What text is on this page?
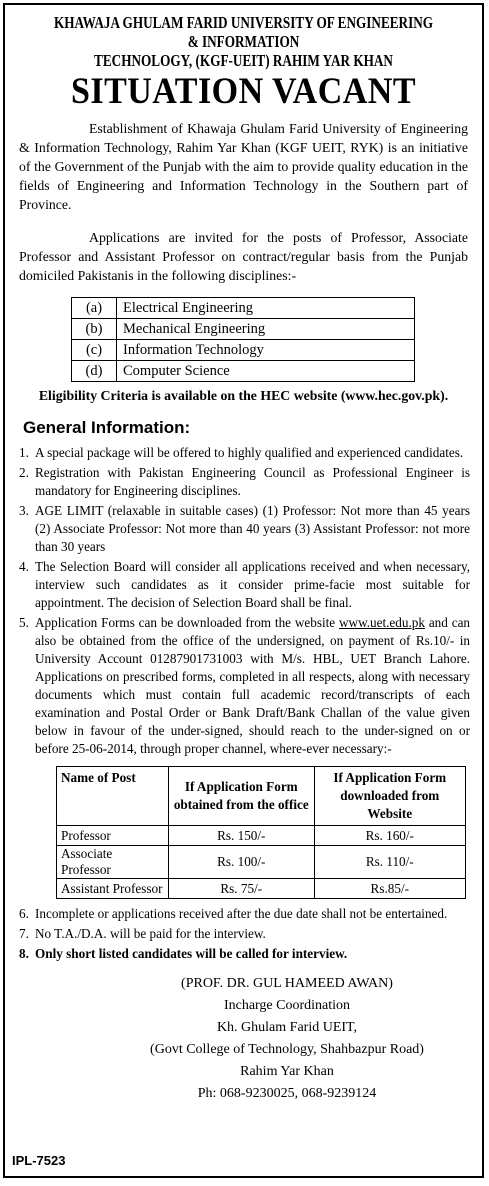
KHAWAJA GHULAM FARID UNIVERSITY OF ENGINEERING & INFORMATION
TECHNOLOGY, (KGF-UEIT) RAHIM YAR KHAN
SITUATION VACANT

Establishment of Khawaja Ghulam Farid University of Engineering & Information Technology, Rahim Yar Khan (KGF UEIT, RYK) is an initiative of the Government of the Punjab with the aim to provide quality education in the fields of Engineering and Information Technology in the Southern part of Province.

Applications are invited for the posts of Professor, Associate Professor and Assistant Professor on contract/regular basis from the Punjab domiciled Pakistanis in the following disciplines:-

(a)	Electrical Engineering
(b)	Mechanical Engineering
(c)	Information Technology
(d)	Computer Science
Eligibility Criteria is available on the HEC website (www.hec.gov.pk).
General Information:
1. A special package will be offered to highly qualified and experienced candidates.
2. Registration with Pakistan Engineering Council as Professional Engineer is mandatory for Engineering disciplines.
3. AGE LIMIT (relaxable in suitable cases) (1) Professor: Not more than 45 years (2) Associate Professor: Not more than 40 years (3) Assistant Professor: not more than 30 years
4. The Selection Board will consider all applications received and when necessary, interview such candidates as it consider prime-facie most suitable for appointment. The decision of Selection Board shall be final.
5. Application Forms can be downloaded from the website www.uet.edu.pk and can also be obtained from the office of the undersigned, on payment of Rs.10/- in University Account 01287901731003 with M/s. HBL, UET Branch Lahore. Applications on prescribed forms, completed in all respects, along with necessary documents which must contain full academic record/transcripts of each examination and Postal Order or Bank Draft/Bank Challan of the value given below in favour of the under-signed, should reach to the under-signed on or before 25-06-2014, through proper channel, where-ever necessary:-
Name of Post	If Application Form obtained from the office	If Application Form downloaded from Website
Professor	Rs. 150/-	Rs. 160/-
Associate Professor	Rs. 100/-	Rs. 110/-
Assistant Professor	Rs. 75/-	Rs.85/-
6. Incomplete or applications received after the due date shall not be entertained.
7. No T.A./D.A. will be paid for the interview.
8. Only short listed candidates will be called for interview.
(PROF. DR. GUL HAMEED AWAN)
Incharge Coordination
Kh. Ghulam Farid UEIT,
(Govt College of Technology, Shahbazpur Road)
Rahim Yar Khan
Ph: 068-9230025, 068-9239124
IPL-7523
